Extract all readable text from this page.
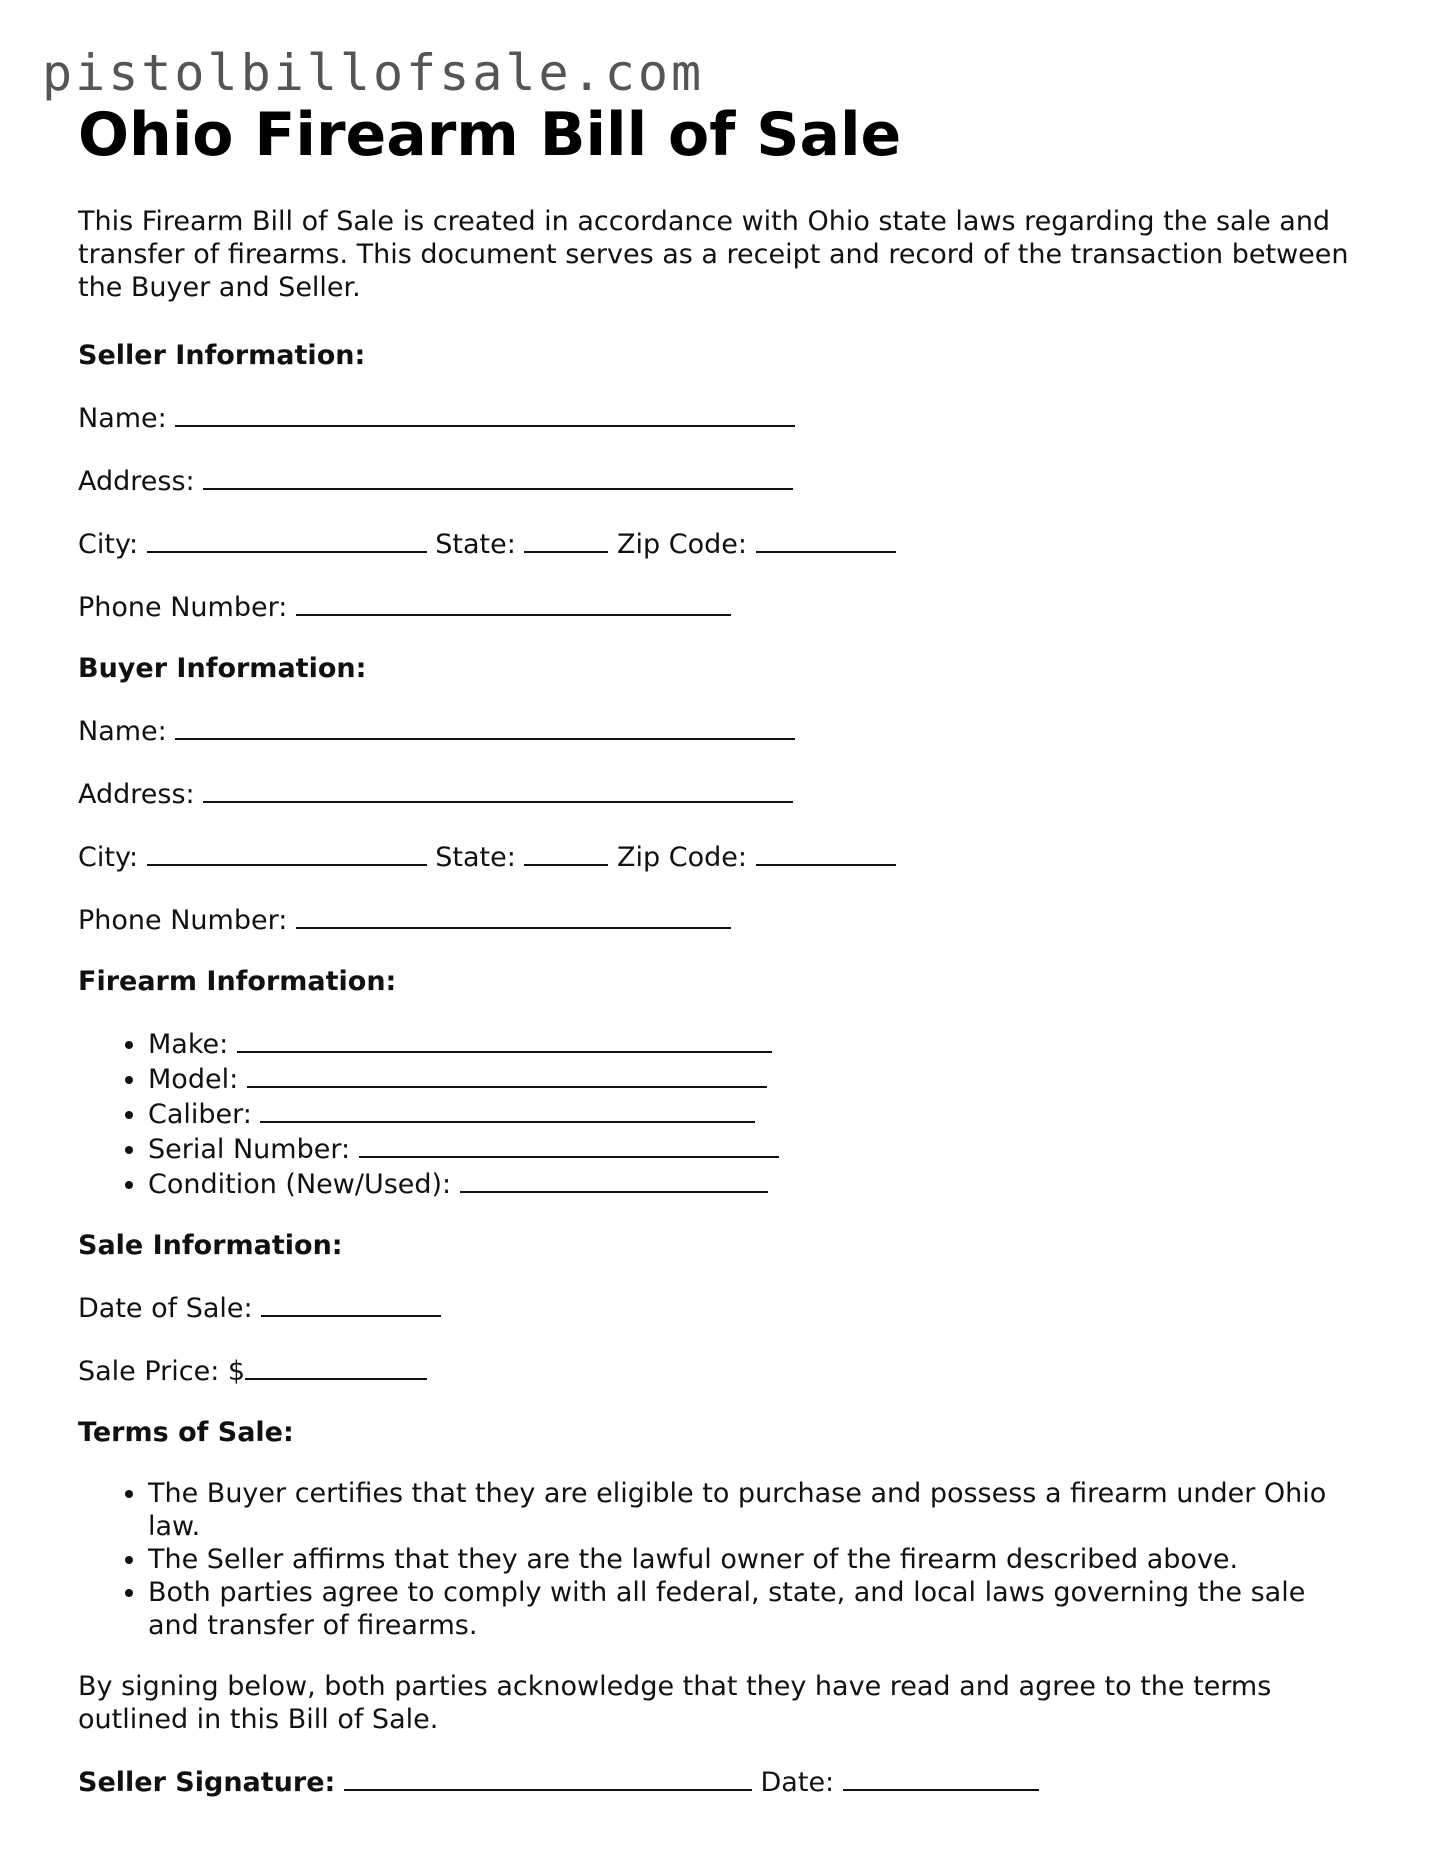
pistolbillofsale.com
Ohio Firearm Bill of Sale

This Firearm Bill of Sale is created in accordance with Ohio state laws regarding the sale and transfer of firearms. This document serves as a receipt and record of the transaction between the Buyer and Seller.

Seller Information:
Name:
Address:
City:	State:	Zip Code:
Phone Number:
Buyer Information:
Name:
Address:
City:	State:	Zip Code:
Phone Number:
Firearm Information:
• Make:
• Model:
• Caliber:
• Serial Number:
• Condition (New/Used):
Sale Information:
Date of Sale:
Sale Price: $
Terms of Sale:
• The Buyer certifies that they are eligible to purchase and possess a firearm under Ohio law.
• The Seller affirms that they are the lawful owner of the firearm described above.
• Both parties agree to comply with all federal, state, and local laws governing the sale and transfer of firearms.

By signing below, both parties acknowledge that they have read and agree to the terms outlined in this Bill of Sale.

Seller Signature:	Date:
